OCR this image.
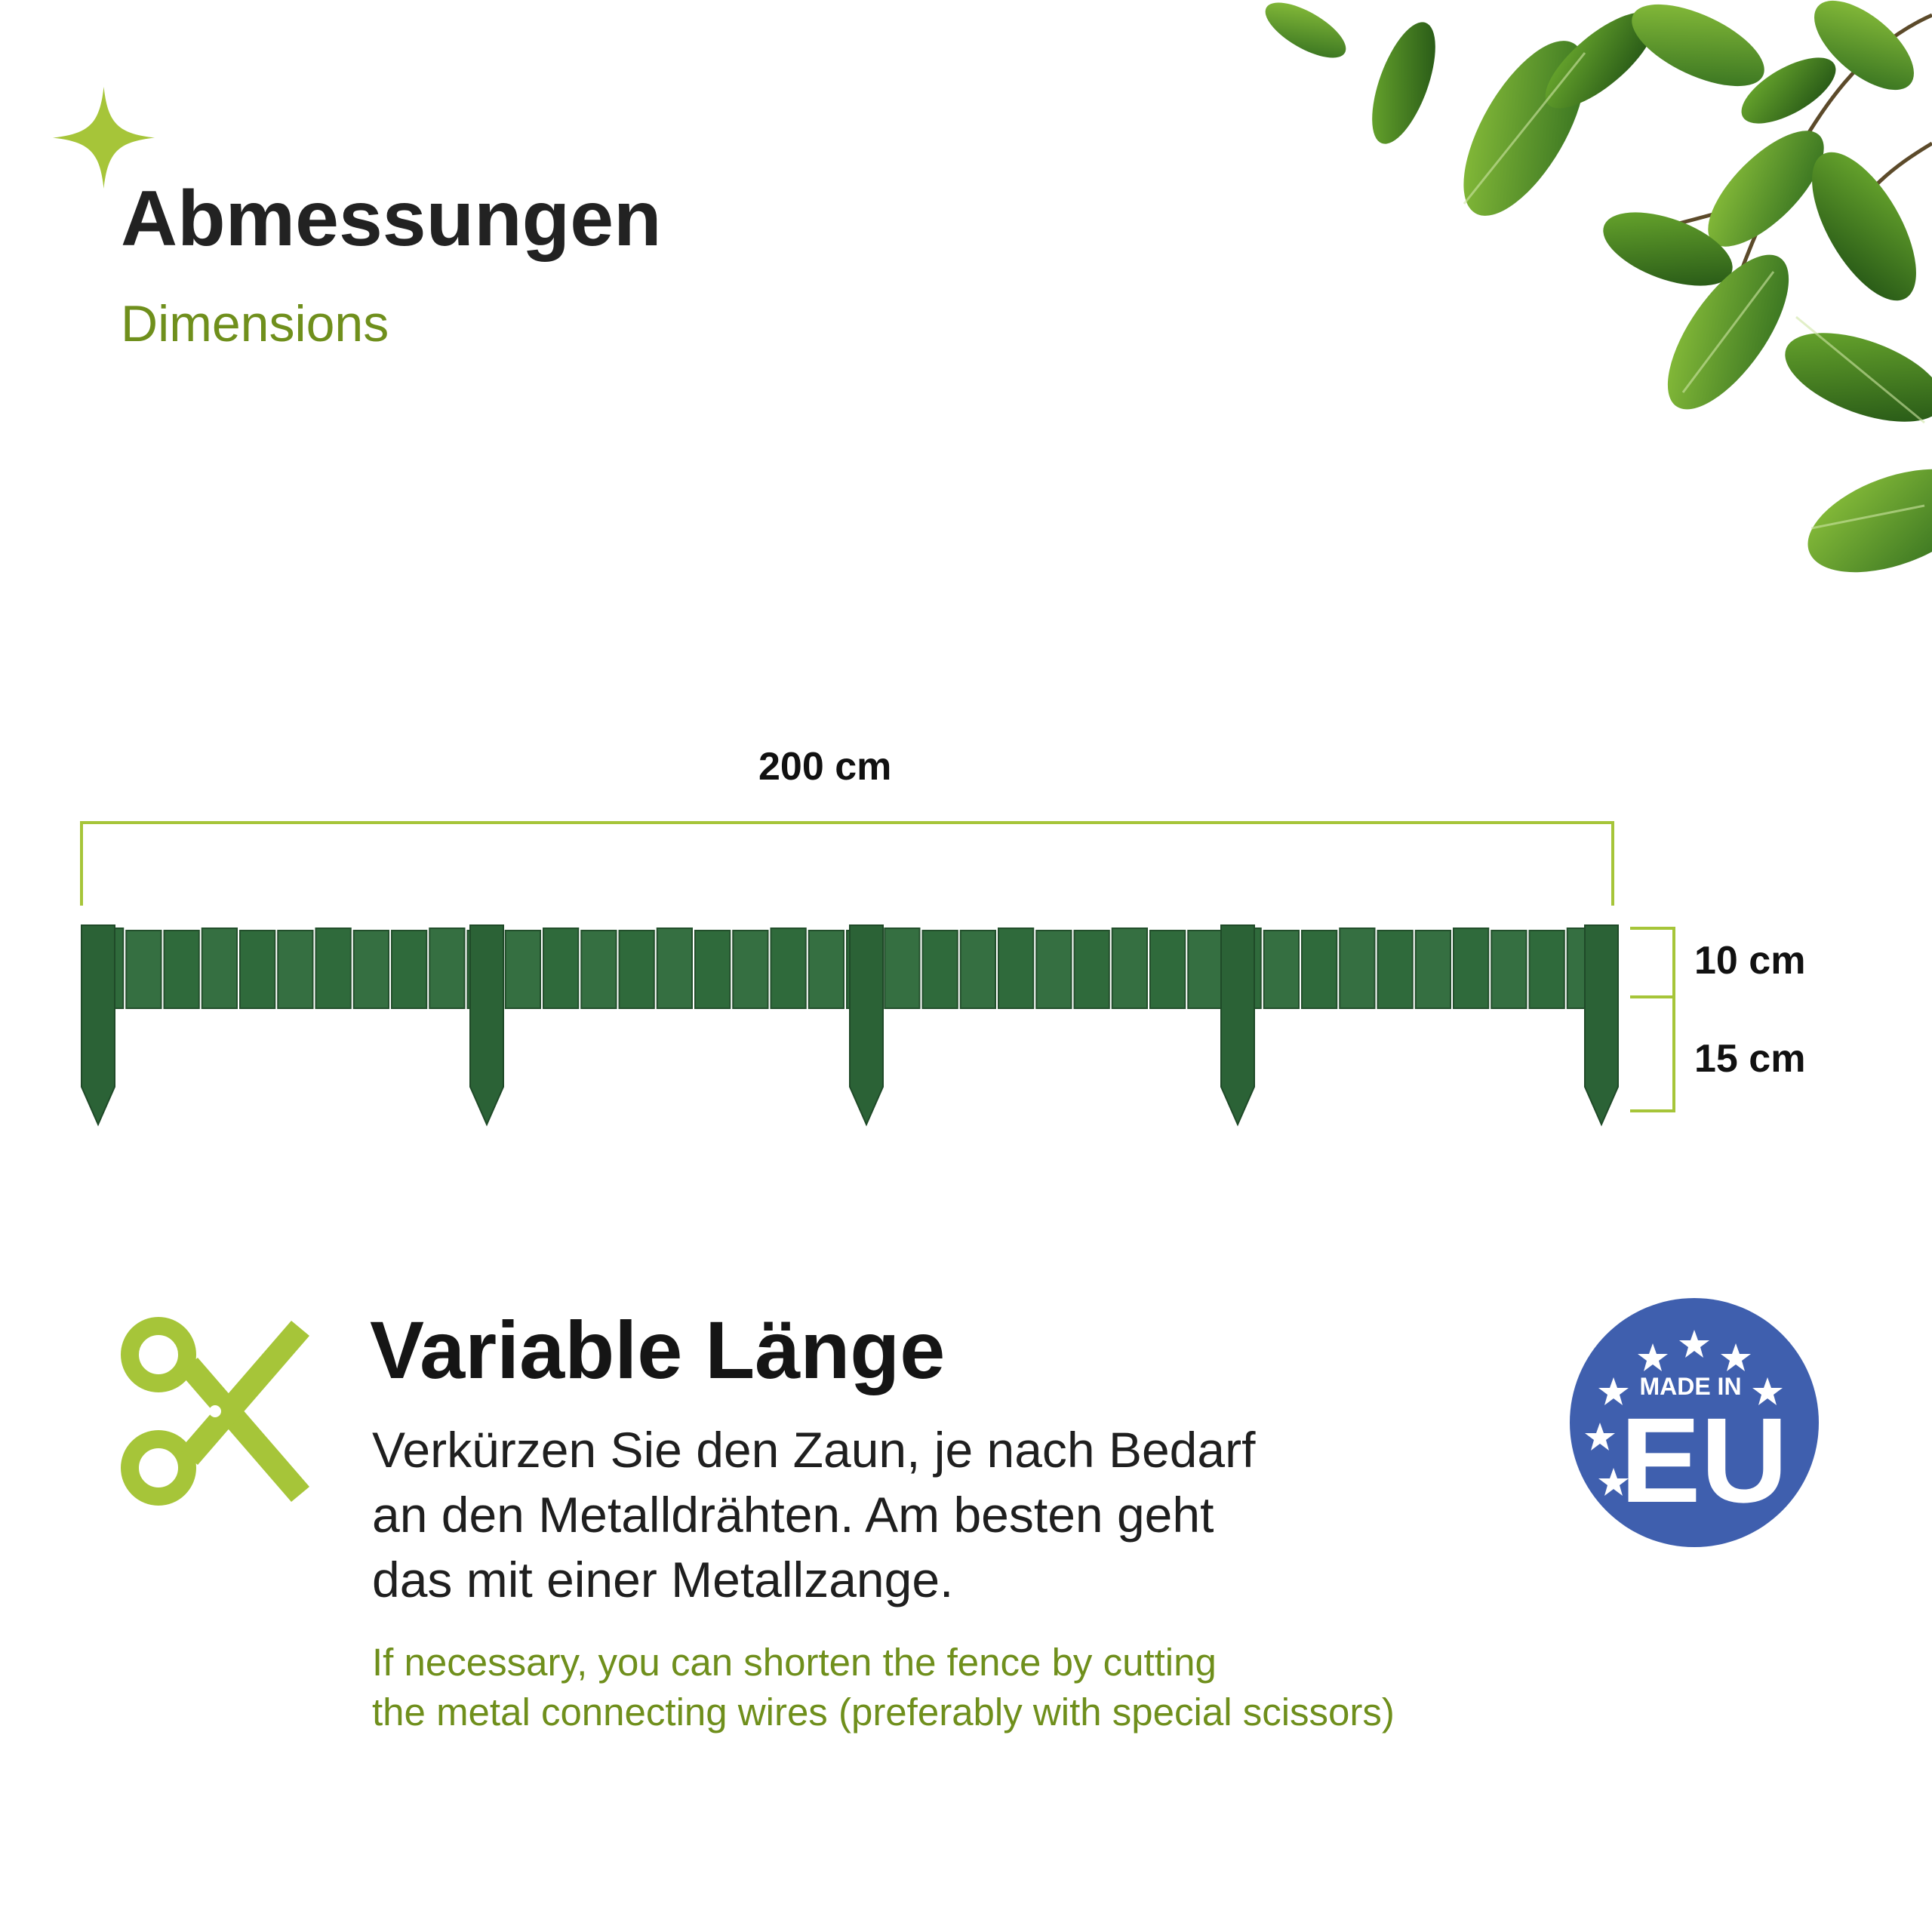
Abmessungen
Dimensions
200 cm
10 cm
15 cm
Variable Länge
Verkürzen Sie den Zaun, je nach Bedarf
an den Metalldrähten. Am besten geht
das mit einer Metallzange.
If necessary, you can shorten the fence by cutting
the metal connecting wires (preferably with special scissors)
MADE IN
EU
